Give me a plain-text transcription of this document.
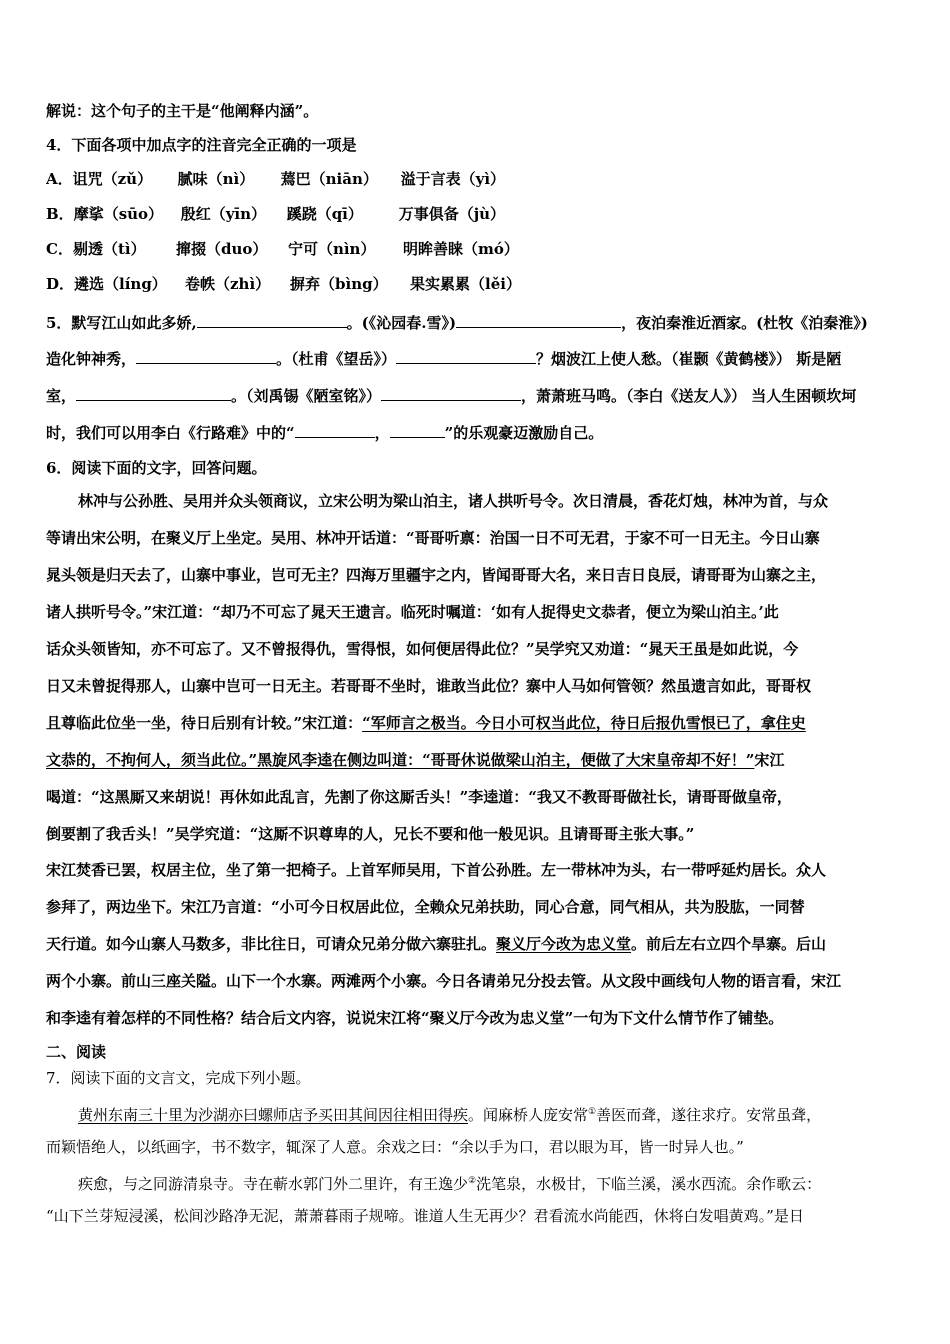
解说：这个句子的主干是“他阐释内涵”。
4．下面各项中加点字的注音完全正确的一项是
A．诅咒（zǔ） 腻味（nì） 蔫巴（niān） 溢于言表（yì）
B．摩挲（sūo） 殷红（yīn） 蹊跷（qī） 万事俱备（jù）
C．剔透（tì） 撺掇（duo） 宁可（nìn） 明眸善睐（mó）
D．遴选（líng） 卷帙（zhì） 摒弃（bìng） 果实累累（lěi）
5．默写江山如此多娇,	。(《沁园春.雪》)	，夜泊秦淮近酒家。(杜牧《泊秦淮》)
造化钟神秀，	。（杜甫《望岳》）	？烟波江上使人愁。（崔颢《黄鹤楼》） 斯是陋
室，	。（刘禹锡《陋室铭》）	，萧萧班马鸣。（李白《送友人》） 当人生困顿坎坷
时，我们可以用李白《行路难》中的“	，	”的乐观豪迈激励自己。
6．阅读下面的文字，回答问题。
林冲与公孙胜、吴用并众头领商议，立宋公明为梁山泊主，诸人拱听号令。次日清晨，香花灯烛，林冲为首，与众
等请出宋公明，在聚义厅上坐定。吴用、林冲开话道：“哥哥听禀：治国一日不可无君，于家不可一日无主。今日山寨
晁头领是归天去了，山寨中事业，岂可无主？四海万里疆宇之内，皆闻哥哥大名，来日吉日良辰，请哥哥为山寨之主，
诸人拱听号令。”宋江道：“却乃不可忘了晁天王遗言。临死时嘱道：‘如有人捉得史文恭者，便立为梁山泊主。’此
话众头领皆知，亦不可忘了。又不曾报得仇，雪得恨，如何便居得此位？”吴学究又劝道：“晁天王虽是如此说，今
日又未曾捉得那人，山寨中岂可一日无主。若哥哥不坐时，谁敢当此位？寨中人马如何管领？然虽遗言如此，哥哥权
且尊临此位坐一坐，待日后别有计较。”宋江道：“军师言之极当。今日小可权当此位，待日后报仇雪恨已了，拿住史
文恭的，不拘何人，须当此位。”黑旋风李逵在侧边叫道：“哥哥休说做梁山泊主，便做了大宋皇帝却不好！”宋江
喝道：“这黑厮又来胡说！再休如此乱言，先割了你这厮舌头！”李逵道：“我又不教哥哥做社长，请哥哥做皇帝，
倒要割了我舌头！”吴学究道：“这厮不识尊卑的人，兄长不要和他一般见识。且请哥哥主张大事。”
宋江焚香已罢，权居主位，坐了第一把椅子。上首军师吴用，下首公孙胜。左一带林冲为头，右一带呼延灼居长。众人
参拜了，两边坐下。宋江乃言道：“小可今日权居此位，全赖众兄弟扶助，同心合意，同气相从，共为股肱，一同替
天行道。如今山寨人马数多，非比往日，可请众兄弟分做六寨驻扎。聚义厅今改为忠义堂。前后左右立四个旱寨。后山
两个小寨。前山三座关隘。山下一个水寨。两滩两个小寨。今日各请弟兄分投去管。从文段中画线句人物的语言看，宋江
和李逵有着怎样的不同性格？结合后文内容，说说宋江将“聚义厅今改为忠义堂”一句为下文什么情节作了铺垫。
二、阅读
7．阅读下面的文言文，完成下列小题。
黄州东南三十里为沙湖亦曰螺师店予买田其间因往相田得疾。闻麻桥人庞安常①善医而聋，遂往求疗。安常虽聋，
而颖悟绝人，以纸画字，书不数字，辄深了人意。余戏之曰：“余以手为口，君以眼为耳，皆一时异人也。”
疾愈，与之同游清泉寺。寺在蕲水郭门外二里许，有王逸少②洗笔泉，水极甘，下临兰溪，溪水西流。余作歌云：
“山下兰芽短浸溪，松间沙路净无泥，萧萧暮雨子规啼。谁道人生无再少？君看流水尚能西，休将白发唱黄鸡。”是日
